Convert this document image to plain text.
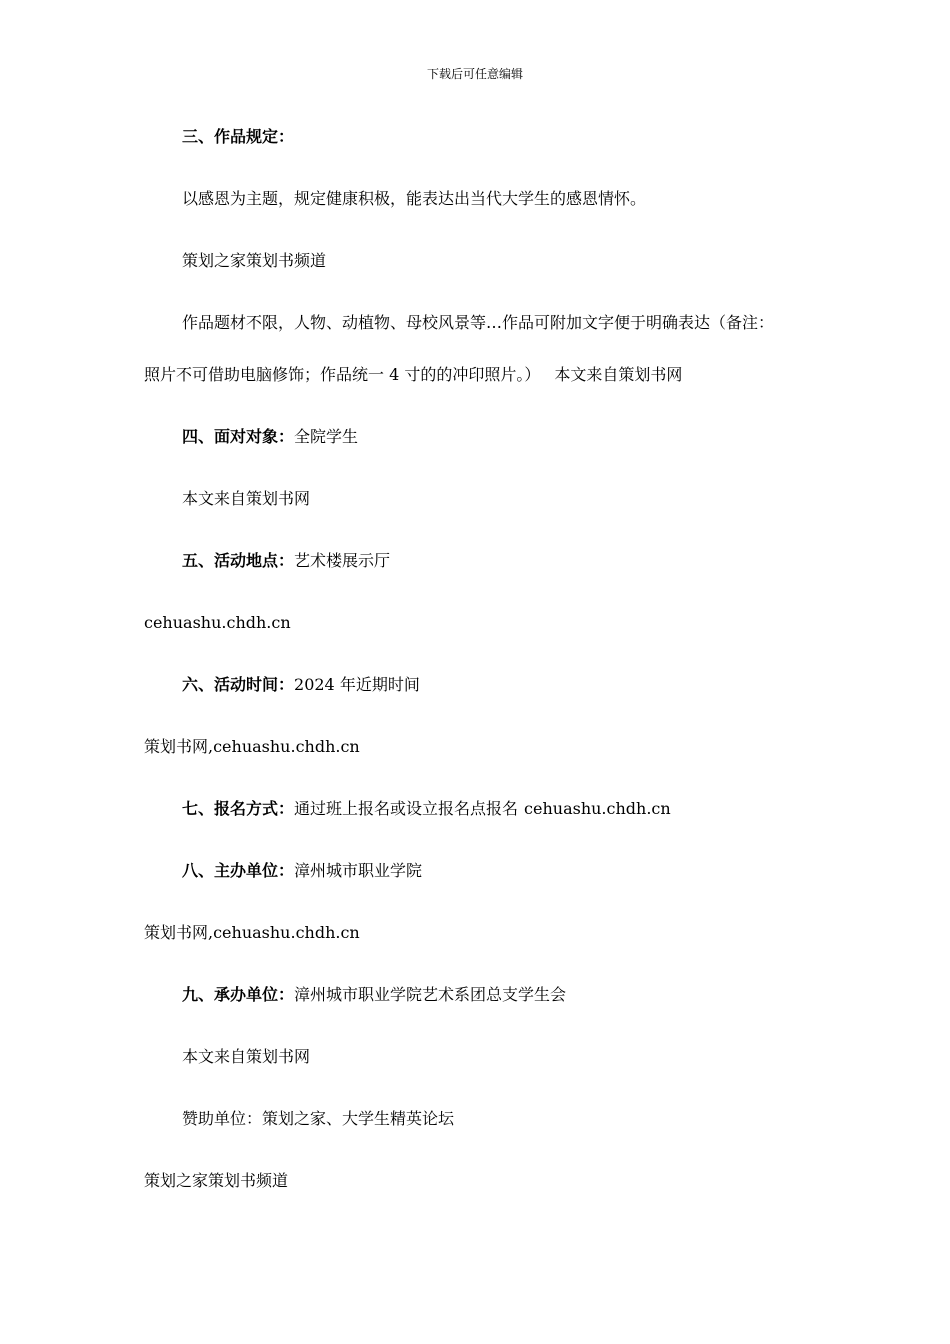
下载后可任意编辑
三、作品规定：
以感恩为主题，规定健康积极，能表达出当代大学生的感恩情怀。
策划之家策划书频道
作品题材不限，人物、动植物、母校风景等…作品可附加文字便于明确表达（备注：
照片不可借助电脑修饰；作品统一 4 寸的的冲印照片。） 本文来自策划书网
四、面对对象：全院学生
本文来自策划书网
五、活动地点：艺术楼展示厅
cehuashu.chdh.cn
六、活动时间：2024 年近期时间
策划书网,cehuashu.chdh.cn
七、报名方式：通过班上报名或设立报名点报名 cehuashu.chdh.cn
八、主办单位：漳州城市职业学院
策划书网,cehuashu.chdh.cn
九、承办单位：漳州城市职业学院艺术系团总支学生会
本文来自策划书网
赞助单位：策划之家、大学生精英论坛
策划之家策划书频道
